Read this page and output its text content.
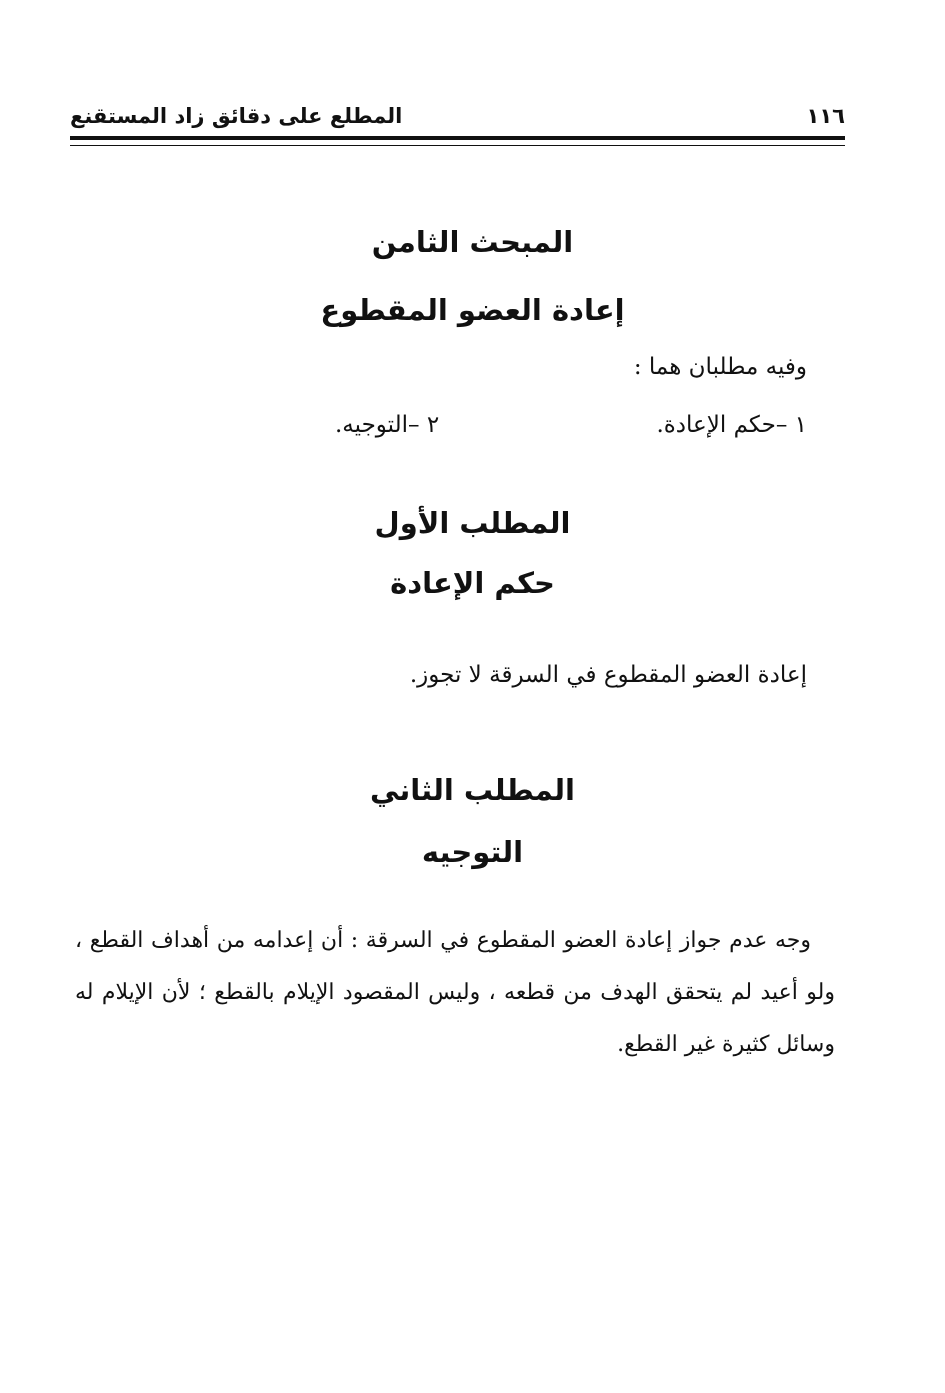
١١٦
المطلع على دقائق زاد المستقنع
المبحث الثامن
إعادة العضو المقطوع
وفيه مطلبان هما :
١ –حكم الإعادة.
٢ –التوجيه.
المطلب الأول
حكم الإعادة
إعادة العضو المقطوع في السرقة لا تجوز.
المطلب الثاني
التوجيه
وجه عدم جواز إعادة العضو المقطوع في السرقة : أن إعدامه من أهداف القطع ، ولو أعيد لم يتحقق الهدف من قطعه ، وليس المقصود الإيلام بالقطع ؛ لأن الإيلام له وسائل كثيرة غير القطع.
